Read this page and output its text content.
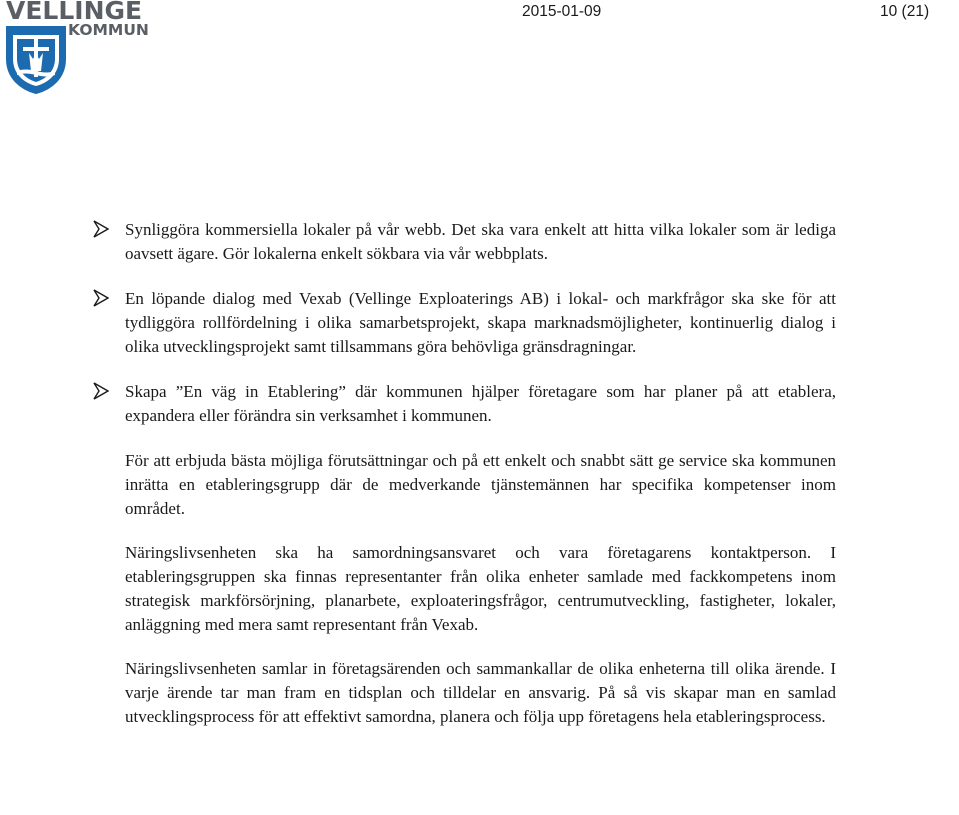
VELLINGE
KOMMUN
2015-01-09	10 (21)
Synliggöra kommersiella lokaler på vår webb. Det ska vara enkelt att hitta vilka lokaler som är lediga oavsett ägare. Gör lokalerna enkelt sökbara via vår webbplats.
En löpande dialog med Vexab (Vellinge Exploaterings AB) i lokal- och markfrågor ska ske för att tydliggöra rollfördelning i olika samarbetsprojekt, skapa marknadsmöjligheter, kontinuerlig dialog i olika utvecklingsprojekt samt tillsammans göra behövliga gränsdragningar.
Skapa ”En väg in Etablering” där kommunen hjälper företagare som har planer på att etablera, expandera eller förändra sin verksamhet i kommunen.

För att erbjuda bästa möjliga förutsättningar och på ett enkelt och snabbt sätt ge service ska kommunen inrätta en etableringsgrupp där de medverkande tjänstemännen har specifika kompetenser inom området.

Näringslivsenheten ska ha samordningsansvaret och vara företagarens kontaktperson. I etableringsgruppen ska finnas representanter från olika enheter samlade med fackkompetens inom strategisk markförsörjning, planarbete, exploateringsfrågor, centrumutveckling, fastigheter, lokaler, anläggning med mera samt representant från Vexab.

Näringslivsenheten samlar in företagsärenden och sammankallar de olika enheterna till olika ärende. I varje ärende tar man fram en tidsplan och tilldelar en ansvarig. På så vis skapar man en samlad utvecklingsprocess för att effektivt samordna, planera och följa upp företagens hela etableringsprocess.
